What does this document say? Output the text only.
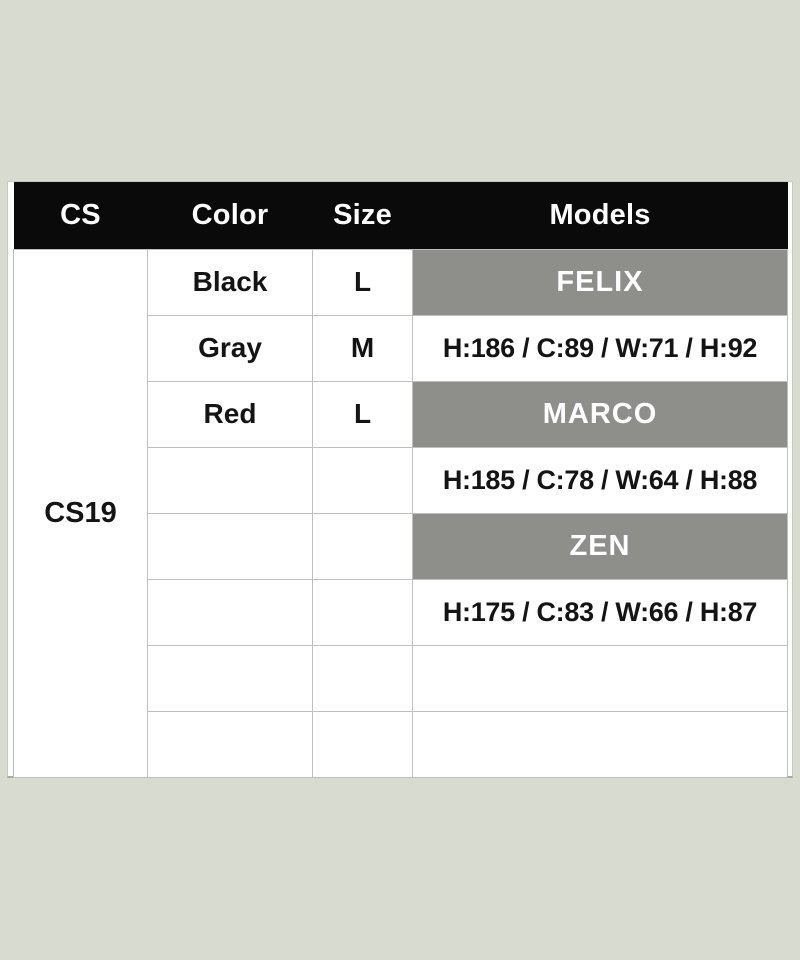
CS	Color	Size	Models
CS19	Black	L	FELIX
	Gray	M	H:186 / C:89 / W:71 / H:92
	Red	L	MARCO
			H:185 / C:78 / W:64 / H:88
			ZEN
			H:175 / C:83 / W:66 / H:87
